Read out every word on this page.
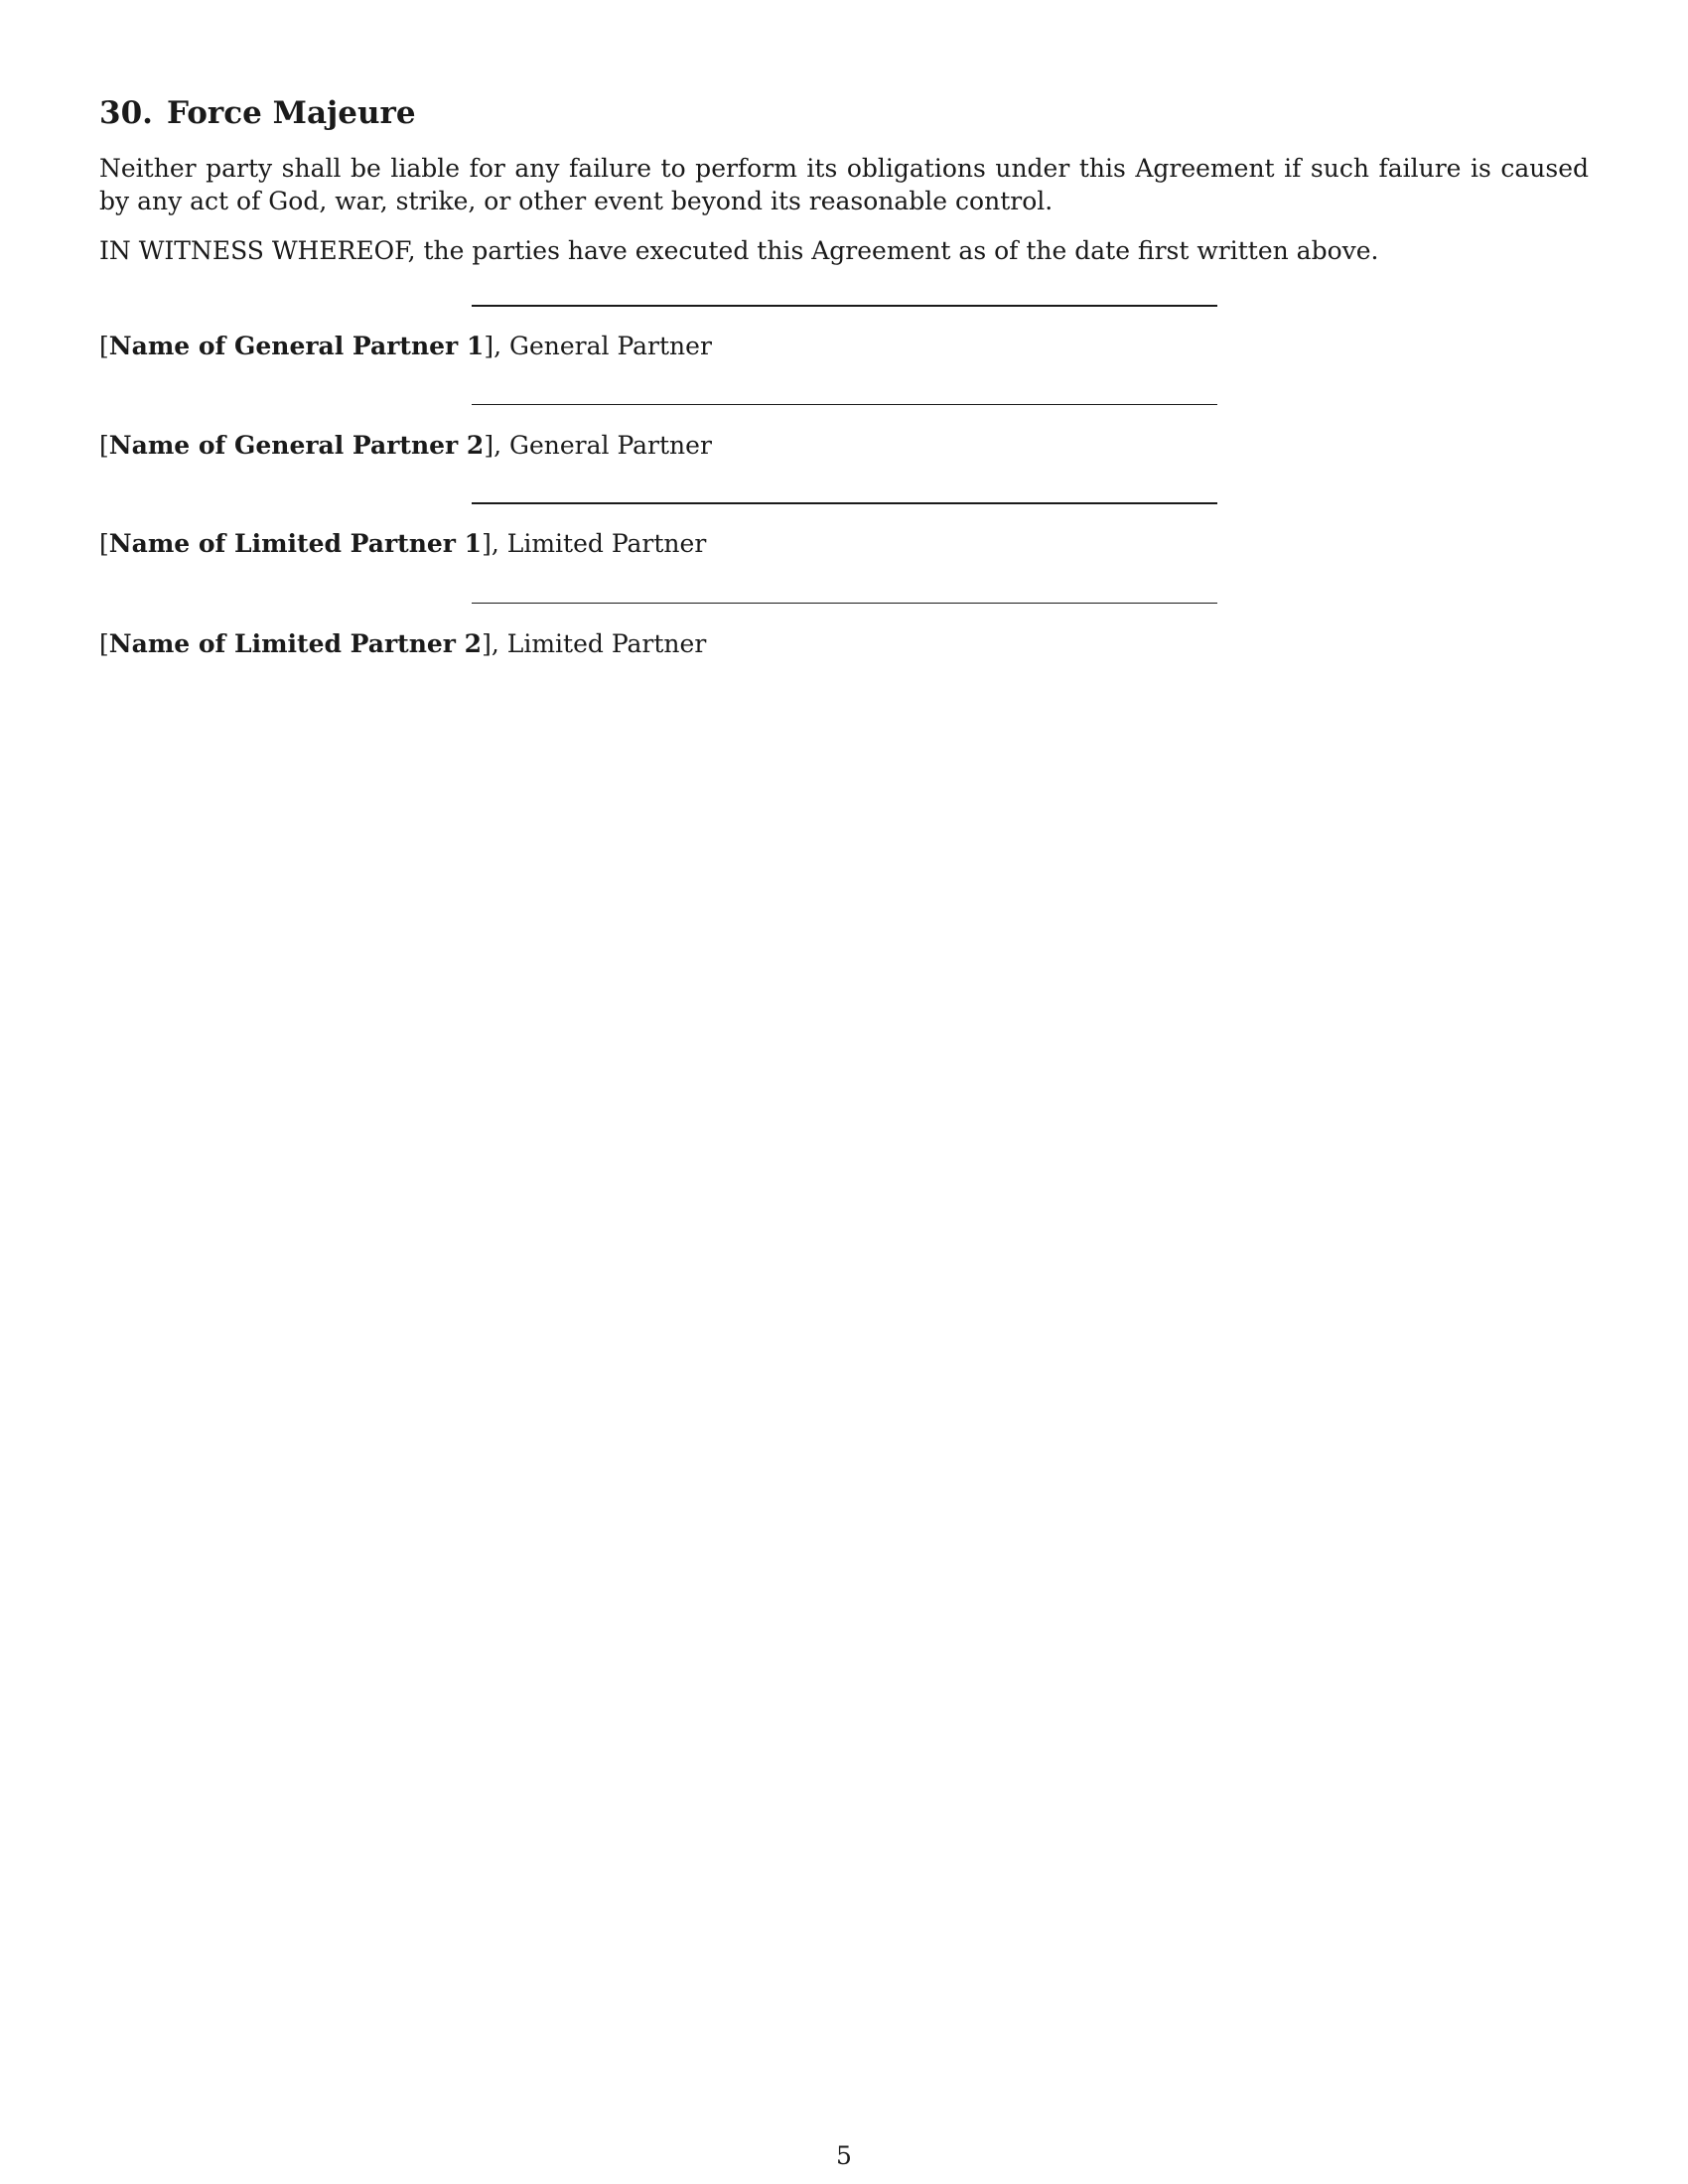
30. Force Majeure

Neither party shall be liable for any failure to perform its obligations under this Agreement if such failure is caused by any act of God, war, strike, or other event beyond its reasonable control.

IN WITNESS WHEREOF, the parties have executed this Agreement as of the date first written above.

[Name of General Partner 1], General Partner
[Name of General Partner 2], General Partner
[Name of Limited Partner 1], Limited Partner
[Name of Limited Partner 2], Limited Partner
5
